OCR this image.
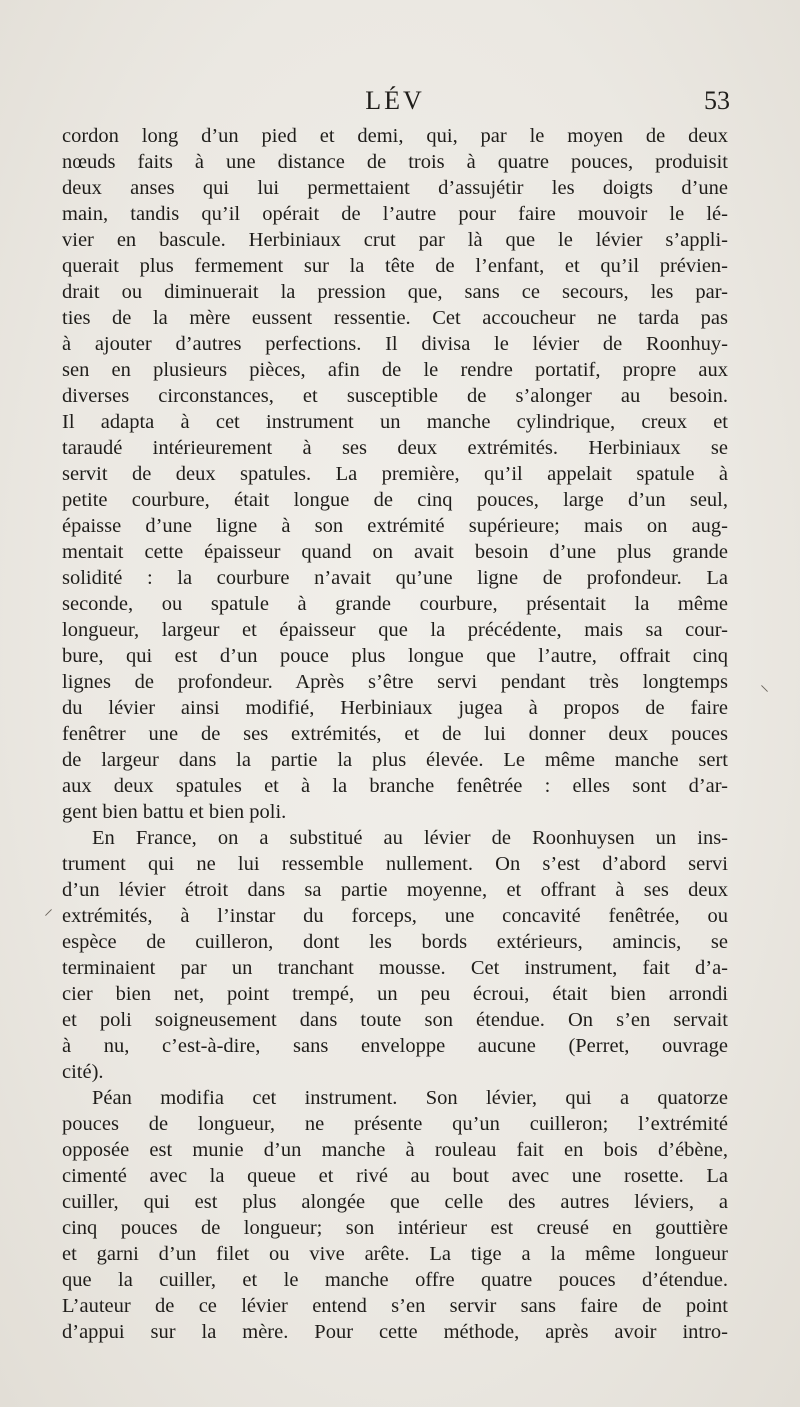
LÉV	53
cordon long d’un pied et demi, qui, par le moyen de deux
nœuds faits à une distance de trois à quatre pouces, produisit
deux anses qui lui permettaient d’assujétir les doigts d’une
main, tandis qu’il opérait de l’autre pour faire mouvoir le lé-
vier en bascule. Herbiniaux crut par là que le lévier s’appli-
querait plus fermement sur la tête de l’enfant, et qu’il prévien-
drait ou diminuerait la pression que, sans ce secours, les par-
ties de la mère eussent ressentie. Cet accoucheur ne tarda pas
à ajouter d’autres perfections. Il divisa le lévier de Roonhuy-
sen en plusieurs pièces, afin de le rendre portatif, propre aux
diverses circonstances, et susceptible de s’alonger au besoin.
Il adapta à cet instrument un manche cylindrique, creux et
taraudé intérieurement à ses deux extrémités. Herbiniaux se
servit de deux spatules. La première, qu’il appelait spatule à
petite courbure, était longue de cinq pouces, large d’un seul,
épaisse d’une ligne à son extrémité supérieure; mais on aug-
mentait cette épaisseur quand on avait besoin d’une plus grande
solidité : la courbure n’avait qu’une ligne de profondeur. La
seconde, ou spatule à grande courbure, présentait la même
longueur, largeur et épaisseur que la précédente, mais sa cour-
bure, qui est d’un pouce plus longue que l’autre, offrait cinq
lignes de profondeur. Après s’être servi pendant très longtemps
du lévier ainsi modifié, Herbiniaux jugea à propos de faire
fenêtrer une de ses extrémités, et de lui donner deux pouces
de largeur dans la partie la plus élevée. Le même manche sert
aux deux spatules et à la branche fenêtrée : elles sont d’ar-
gent bien battu et bien poli.
En France, on a substitué au lévier de Roonhuysen un ins-
trument qui ne lui ressemble nullement. On s’est d’abord servi
d’un lévier étroit dans sa partie moyenne, et offrant à ses deux
extrémités, à l’instar du forceps, une concavité fenêtrée, ou
espèce de cuilleron, dont les bords extérieurs, amincis, se
terminaient par un tranchant mousse. Cet instrument, fait d’a-
cier bien net, point trempé, un peu écroui, était bien arrondi
et poli soigneusement dans toute son étendue. On s’en servait
à nu, c’est-à-dire, sans enveloppe aucune (Perret, ouvrage
cité).
Péan modifia cet instrument. Son lévier, qui a quatorze
pouces de longueur, ne présente qu’un cuilleron; l’extrémité
opposée est munie d’un manche à rouleau fait en bois d’ébène,
cimenté avec la queue et rivé au bout avec une rosette. La
cuiller, qui est plus alongée que celle des autres léviers, a
cinq pouces de longueur; son intérieur est creusé en gouttière
et garni d’un filet ou vive arête. La tige a la même longueur
que la cuiller, et le manche offre quatre pouces d’étendue.
L’auteur de ce lévier entend s’en servir sans faire de point
d’appui sur la mère. Pour cette méthode, après avoir intro-
⸌
⸍
